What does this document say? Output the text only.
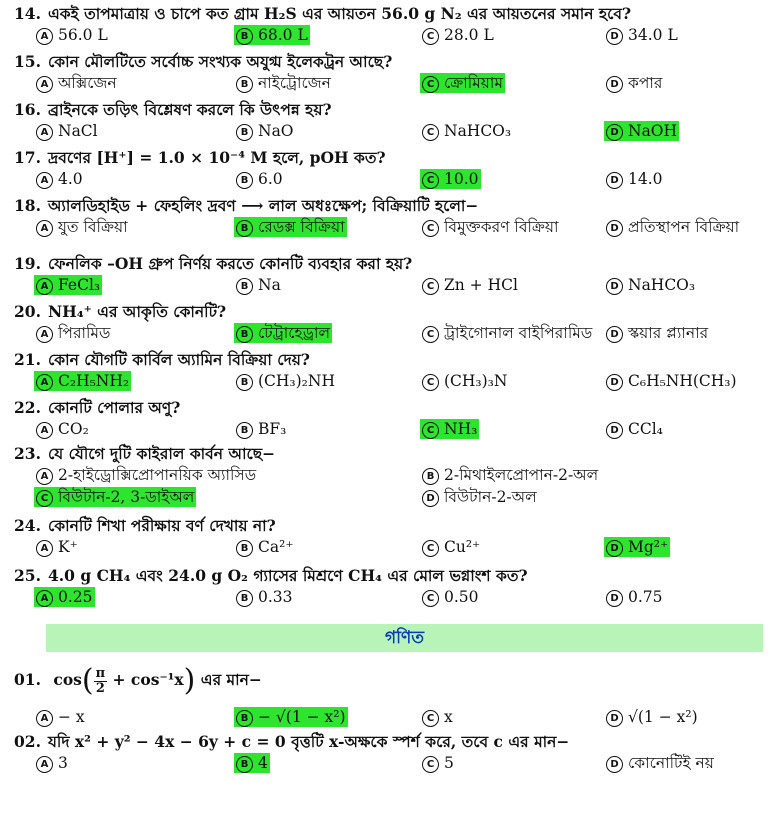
14. একই তাপমাত্রায় ও চাপে কত গ্রাম H₂S এর আয়তন 56.0 g N₂ এর আয়তনের সমান হবে?
A 56.0 L	B 68.0 L	C 28.0 L	D 34.0 L
15. কোন মৌলটিতে সর্বোচ্চ সংখ্যক অযুগ্ম ইলেকট্রন আছে?
A অক্সিজেন	B নাইট্রোজেন	C ক্রোমিয়াম	D কপার
16. ব্রাইনকে তড়িৎ বিশ্লেষণ করলে কি উৎপন্ন হয়?
A NaCl	B NaO	C NaHCO₃	D NaOH
17. দ্রবণের [H⁺] = 1.0 × 10⁻⁴ M হলে, pOH কত?
A 4.0	B 6.0	C 10.0	D 14.0
18. অ্যালডিহাইড + ফেহলিং দ্রবণ ⟶ লাল অধঃক্ষেপ; বিক্রিয়াটি হলো−
A যুত বিক্রিয়া	B রেডক্স বিক্রিয়া	C বিমুক্তকরণ বিক্রিয়া	D প্রতিস্থাপন বিক্রিয়া
19. ফেনলিক –OH গ্রুপ নির্ণয় করতে কোনটি ব্যবহার করা হয়?
A FeCl₃	B Na	C Zn + HCl	D NaHCO₃
20. NH₄⁺ এর আকৃতি কোনটি?
A পিরামিড	B টেট্রাহেড্রাল	C ট্রাইগোনাল বাইপিরামিড	D স্কয়ার প্ল্যানার
21. কোন যৌগটি কার্বিল অ্যামিন বিক্রিয়া দেয়?
A C₂H₅NH₂	B (CH₃)₂NH	C (CH₃)₃N	D C₆H₅NH(CH₃)
22. কোনটি পোলার অণু?
A CO₂	B BF₃	C NH₃	D CCl₄
23. যে যৌগে দুটি কাইরাল কার্বন আছে−
A 2-হাইড্রোক্সিপ্রোপানয়িক অ্যাসিড	B 2-মিথাইলপ্রোপান-2-অল
C বিউটান-2, 3-ডাইঅল	D বিউটান-2-অল
24. কোনটি শিখা পরীক্ষায় বর্ণ দেখায় না?
A K⁺	B Ca²⁺	C Cu²⁺	D Mg²⁺
25. 4.0 g CH₄ এবং 24.0 g O₂ গ্যাসের মিশ্রণে CH₄ এর মোল ভগ্নাংশ কত?
A 0.25	B 0.33	C 0.50	D 0.75
গণিত
01. $\cos( \frac{\pi}{2} + \cos^{-1}x)$ এর মান−
A − x	B − √(1 − x²)	C x	D √(1 − x²)
02. যদি x² + y² − 4x − 6y + c = 0 বৃত্তটি x-অক্ষকে স্পর্শ করে, তবে c এর মান−
A 3	B 4	C 5	D কোনোটিই নয়
